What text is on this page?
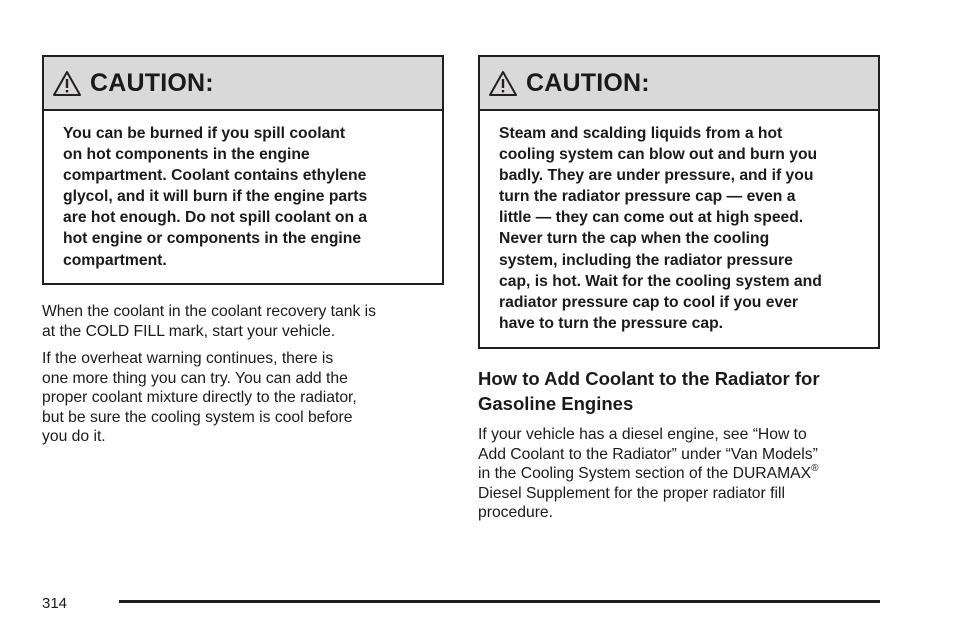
CAUTION:
You can be burned if you spill coolant
on hot components in the engine
compartment. Coolant contains ethylene
glycol, and it will burn if the engine parts
are hot enough. Do not spill coolant on a
hot engine or components in the engine
compartment.
When the coolant in the coolant recovery tank is
at the COLD FILL mark, start your vehicle.
If the overheat warning continues, there is
one more thing you can try. You can add the
proper coolant mixture directly to the radiator,
but be sure the cooling system is cool before
you do it.
CAUTION:
Steam and scalding liquids from a hot
cooling system can blow out and burn you
badly. They are under pressure, and if you
turn the radiator pressure cap — even a
little — they can come out at high speed.
Never turn the cap when the cooling
system, including the radiator pressure
cap, is hot. Wait for the cooling system and
radiator pressure cap to cool if you ever
have to turn the pressure cap.
How to Add Coolant to the Radiator for
Gasoline Engines
If your vehicle has a diesel engine, see “How to
Add Coolant to the Radiator” under “Van Models”
in the Cooling System section of the DURAMAX®
Diesel Supplement for the proper radiator fill
procedure.
314
